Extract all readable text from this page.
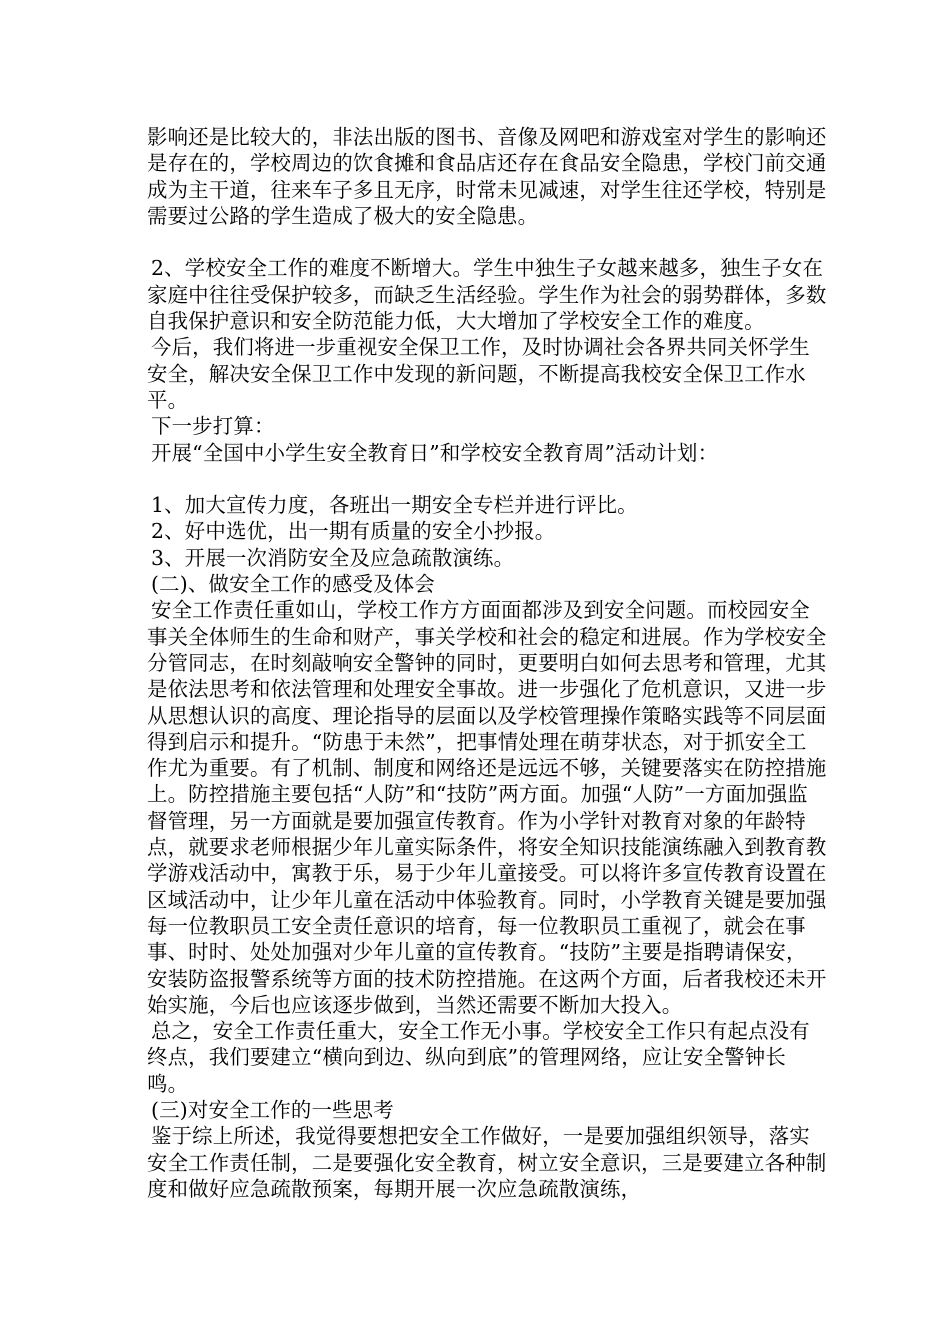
影响还是比较大的，非法出版的图书、音像及网吧和游戏室对学生的影响还是存在的，学校周边的饮食摊和食品店还存在食品安全隐患，学校门前交通成为主干道，往来车子多且无序，时常未见减速，对学生往还学校，特别是需要过公路的学生造成了极大的安全隐患。

2、学校安全工作的难度不断增大。学生中独生子女越来越多，独生子女在家庭中往往受保护较多，而缺乏生活经验。学生作为社会的弱势群体，多数自我保护意识和安全防范能力低，大大增加了学校安全工作的难度。

今后，我们将进一步重视安全保卫工作，及时协调社会各界共同关怀学生安全，解决安全保卫工作中发现的新问题，不断提高我校安全保卫工作水平。

下一步打算：

开展“全国中小学生安全教育日”和学校安全教育周”活动计划：

1、加大宣传力度，各班出一期安全专栏并进行评比。

2、好中选优，出一期有质量的安全小抄报。

3、开展一次消防安全及应急疏散演练。

(二)、做安全工作的感受及体会

安全工作责任重如山，学校工作方方面面都涉及到安全问题。而校园安全事关全体师生的生命和财产，事关学校和社会的稳定和进展。作为学校安全分管同志，在时刻敲响安全警钟的同时，更要明白如何去思考和管理，尤其是依法思考和依法管理和处理安全事故。进一步强化了危机意识，又进一步从思想认识的高度、理论指导的层面以及学校管理操作策略实践等不同层面得到启示和提升。“防患于未然”，把事情处理在萌芽状态，对于抓安全工作尤为重要。有了机制、制度和网络还是远远不够，关键要落实在防控措施上。防控措施主要包括“人防”和“技防”两方面。加强“人防”一方面加强监督管理，另一方面就是要加强宣传教育。作为小学针对教育对象的年龄特点，就要求老师根据少年儿童实际条件，将安全知识技能演练融入到教育教学游戏活动中，寓教于乐，易于少年儿童接受。可以将许多宣传教育设置在区域活动中，让少年儿童在活动中体验教育。同时，小学教育关键是要加强每一位教职员工安全责任意识的培育，每一位教职员工重视了，就会在事事、时时、处处加强对少年儿童的宣传教育。“技防”主要是指聘请保安，安装防盗报警系统等方面的技术防控措施。在这两个方面，后者我校还未开始实施，今后也应该逐步做到，当然还需要不断加大投入。

总之，安全工作责任重大，安全工作无小事。学校安全工作只有起点没有终点，我们要建立“横向到边、纵向到底”的管理网络，应让安全警钟长鸣。

(三)对安全工作的一些思考

鉴于综上所述，我觉得要想把安全工作做好，一是要加强组织领导，落实安全工作责任制，二是要强化安全教育，树立安全意识，三是要建立各种制度和做好应急疏散预案，每期开展一次应急疏散演练，
